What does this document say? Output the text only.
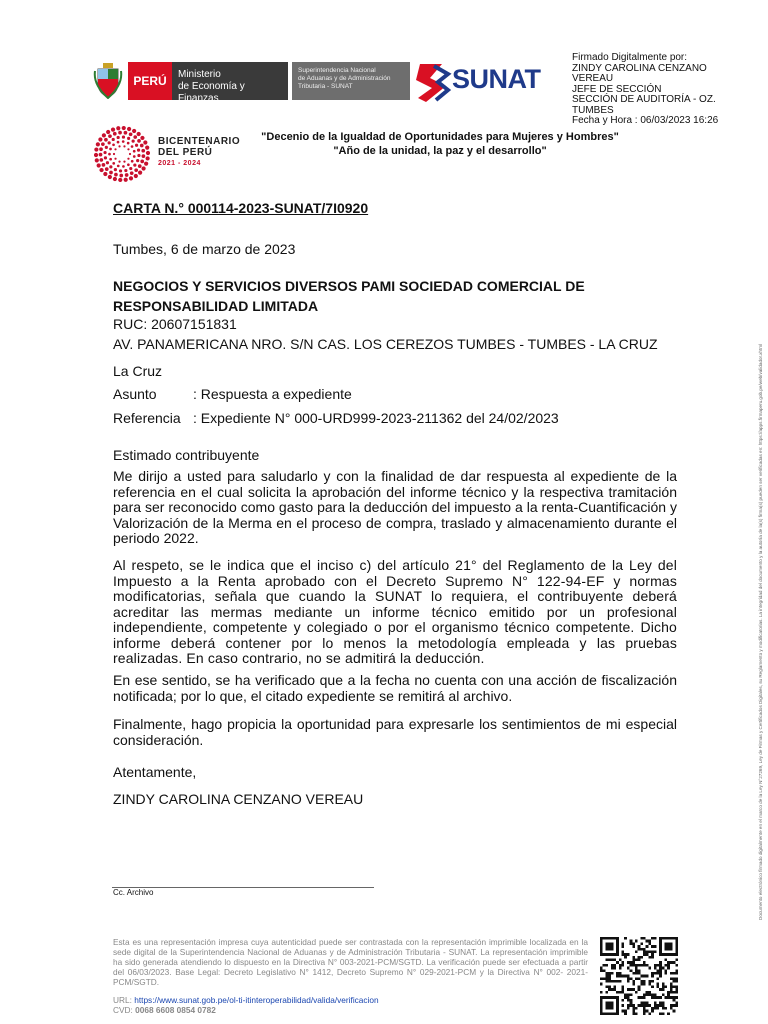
PERÚ	Ministerio
de Economía y Finanzas
Superintendencia Nacional
de Aduanas y de Administración
Tributaria - SUNAT	SUNAT
Firmado Digitalmente por:
ZINDY CAROLINA CENZANO
VEREAU
JEFE DE SECCIÓN
SECCIÓN DE AUDITORÍA - OZ.
TUMBES
Fecha y Hora : 06/03/2023 16:26
BICENTENARIO
DEL PERÚ
2021 - 2024
"Decenio de la Igualdad de Oportunidades para Mujeres y Hombres"
"Año de la unidad, la paz y el desarrollo"
CARTA N.° 000114-2023-SUNAT/7I0920
Tumbes, 6 de marzo de 2023
NEGOCIOS Y SERVICIOS DIVERSOS PAMI SOCIEDAD COMERCIAL DE
RESPONSABILIDAD LIMITADA
RUC: 20607151831
AV. PANAMERICANA NRO. S/N CAS. LOS CEREZOS TUMBES - TUMBES - LA CRUZ
La Cruz
Asunto	: Respuesta a expediente
Referencia : Expediente N° 000-URD999-2023-211362 del 24/02/2023
Estimado contribuyente
Me dirijo a usted para saludarlo y con la finalidad de dar respuesta al expediente de la referencia en el cual solicita la aprobación del informe técnico y la respectiva tramitación para ser reconocido como gasto para la deducción del impuesto a la renta-Cuantificación y Valorización de la Merma en el proceso de compra, traslado y almacenamiento durante el periodo 2022.
Al respeto, se le indica que el inciso c) del artículo 21° del Reglamento de la Ley del Impuesto a la Renta aprobado con el Decreto Supremo N° 122-94-EF y normas modificatorias, señala que cuando la SUNAT lo requiera, el contribuyente deberá acreditar las mermas mediante un informe técnico emitido por un profesional independiente, competente y colegiado o por el organismo técnico competente. Dicho informe deberá contener por lo menos la metodología empleada y las pruebas realizadas. En caso contrario, no se admitirá la deducción.
En ese sentido, se ha verificado que a la fecha no cuenta con una acción de fiscalización notificada; por lo que, el citado expediente se remitirá al archivo.
Finalmente, hago propicia la oportunidad para expresarle los sentimientos de mi especial consideración.
Atentamente,
ZINDY CAROLINA CENZANO VEREAU
Cc. Archivo
Esta es una representación impresa cuya autenticidad puede ser contrastada con la representación imprimible localizada en la sede digital de la Superintendencia Nacional de Aduanas y de Administración Tributaria - SUNAT. La representación imprimible ha sido generada atendiendo lo dispuesto en la Directiva N° 003-2021-PCM/SGTD. La verificación puede ser efectuada a partir del 06/03/2023. Base Legal: Decreto Legislativo N° 1412, Decreto Supremo N° 029-2021-PCM y la Directiva N° 002- 2021-PCM/SGTD.
URL: https://www.sunat.gob.pe/ol-ti-itinteroperabilidad/valida/verificacion
CVD: 0068 6608 0854 0782
Documento electrónico firmado digitalmente en el marco de la Ley N°27269, Ley de Firmas y Certificados Digitales, su Reglamento y modificatorias. La integridad del documento y la autoría de la(s) firma(s) pueden ser verificadas en: https://apps.firmaperu.gob.pe/web/validador.xhtml
